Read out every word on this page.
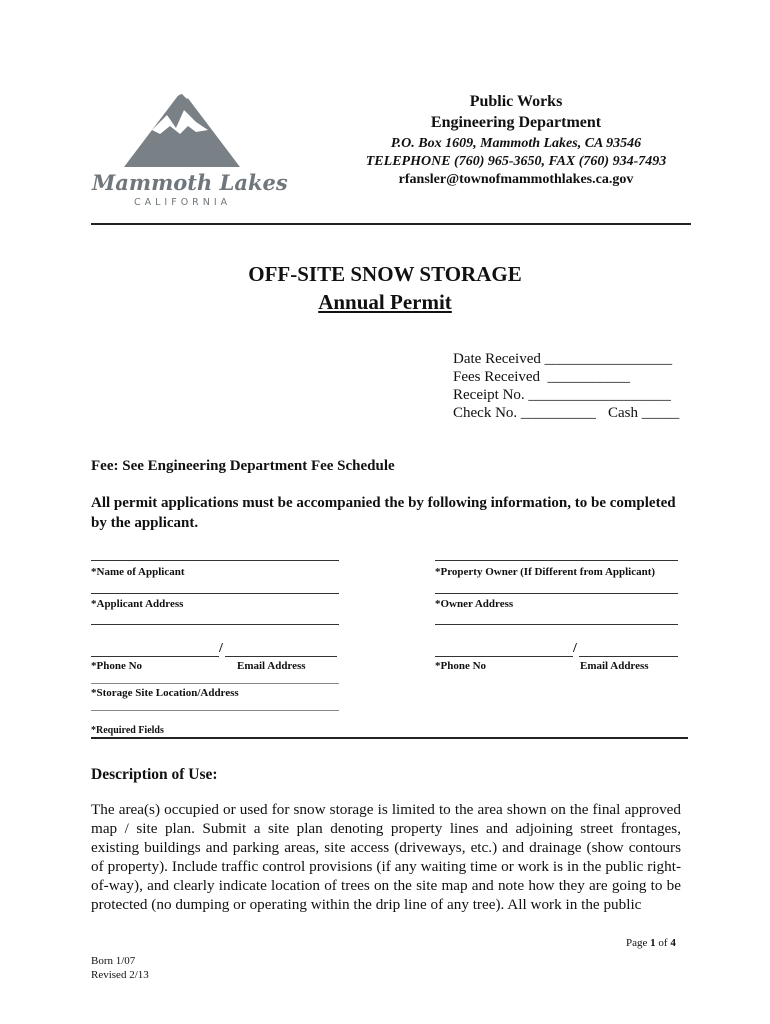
Mammoth Lakes
CALIFORNIA
Public Works
Engineering Department
P.O. Box 1609, Mammoth Lakes, CA 93546
TELEPHONE (760) 965-3650, FAX (760) 934-7493
rfansler@townofmammothlakes.ca.gov
OFF-SITE SNOW STORAGE
Annual Permit
Date Received _________________
Fees Received  ___________
Receipt No. ___________________
Check No. __________ Cash _____
Fee: See Engineering Department Fee Schedule
All permit applications must be accompanied the by following information, to be completed by the applicant.
*Name of Applicant	*Property Owner (If Different from Applicant)
*Applicant Address	*Owner Address
/	/
*Phone No	Email Address	*Phone No	Email Address
*Storage Site Location/Address
*Required Fields
Description of Use:
The area(s) occupied or used for snow storage is limited to the area shown on the final approved map / site plan. Submit a site plan denoting property lines and adjoining street frontages, existing buildings and parking areas, site access (driveways, etc.) and drainage (show contours of property). Include traffic control provisions (if any waiting time or work is in the public right-of-way), and clearly indicate location of trees on the site map and note how they are going to be protected (no dumping or operating within the drip line of any tree). All work in the public
Page 1 of 4
Born 1/07
Revised 2/13
